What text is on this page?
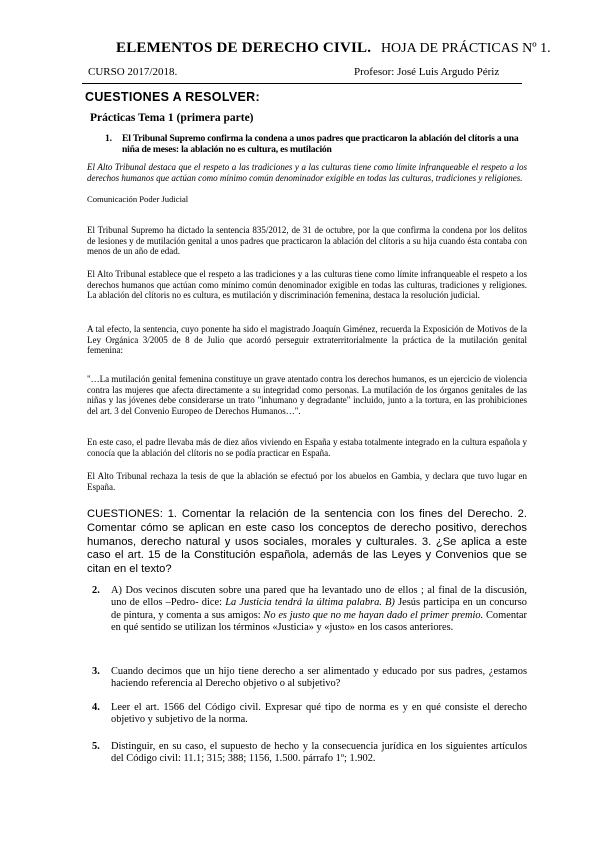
ELEMENTOS DE DERECHO CIVIL. HOJA DE PRÁCTICAS Nº 1.
CURSO 2017/2018.	Profesor: José Luis Argudo Périz
CUESTIONES A RESOLVER:
Prácticas Tema 1 (primera parte)
1. El Tribunal Supremo confirma la condena a unos padres que practicaron la ablación del clítoris a una niña de meses: la ablación no es cultura, es mutilación
El Alto Tribunal destaca que el respeto a las tradiciones y a las culturas tiene como límite infranqueable el respeto a los derechos humanos que actúan como mínimo común denominador exigible en todas las culturas, tradiciones y religiones.
Comunicación Poder Judicial
El Tribunal Supremo ha dictado la sentencia 835/2012, de 31 de octubre, por la que confirma la condena por los delitos de lesiones y de mutilación genital a unos padres que practicaron la ablación del clítoris a su hija cuando ésta contaba con menos de un año de edad.
El Alto Tribunal establece que el respeto a las tradiciones y a las culturas tiene como límite infranqueable el respeto a los derechos humanos que actúan como mínimo común denominador exigible en todas las culturas, tradiciones y religiones. La ablación del clítoris no es cultura, es mutilación y discriminación femenina, destaca la resolución judicial.
A tal efecto, la sentencia, cuyo ponente ha sido el magistrado Joaquín Giménez, recuerda la Exposición de Motivos de la Ley Orgánica 3/2005 de 8 de Julio que acordó perseguir extraterritorialmente la práctica de la mutilación genital femenina:
"…La mutilación genital femenina constituye un grave atentado contra los derechos humanos, es un ejercicio de violencia contra las mujeres que afecta directamente a su integridad como personas. La mutilación de los órganos genitales de las niñas y las jóvenes debe considerarse un trato "inhumano y degradante" incluido, junto a la tortura, en las prohibiciones del art. 3 del Convenio Europeo de Derechos Humanos…".
En este caso, el padre llevaba más de diez años viviendo en España y estaba totalmente integrado en la cultura española y conocía que la ablación del clítoris no se podía practicar en España.
El Alto Tribunal rechaza la tesis de que la ablación se efectuó por los abuelos en Gambia, y declara que tuvo lugar en España.
CUESTIONES: 1. Comentar la relación de la sentencia con los fines del Derecho. 2. Comentar cómo se aplican en este caso los conceptos de derecho positivo, derechos humanos, derecho natural y usos sociales, morales y culturales. 3. ¿Se aplica a este caso el art. 15 de la Constitución española, además de las Leyes y Convenios que se citan en el texto?
2. A) Dos vecinos discuten sobre una pared que ha levantado uno de ellos ; al final de la discusión, uno de ellos –Pedro- dice: La Justicia tendrá la última palabra. B) Jesús participa en un concurso de pintura, y comenta a sus amigos: No es justo que no me hayan dado el primer premio. Comentar en qué sentido se utilizan los términos «Justicia» y «justo» en los casos anteriores.
3. Cuando decimos que un hijo tiene derecho a ser alimentado y educado por sus padres, ¿estamos haciendo referencia al Derecho objetivo o al subjetivo?
4. Leer el art. 1566 del Código civil. Expresar qué tipo de norma es y en qué consiste el derecho objetivo y subjetivo de la norma.
5. Distinguir, en su caso, el supuesto de hecho y la consecuencia jurídica en los siguientes artículos del Código civil: 11.1; 315; 388; 1156, 1.500. párrafo 1º; 1.902.
